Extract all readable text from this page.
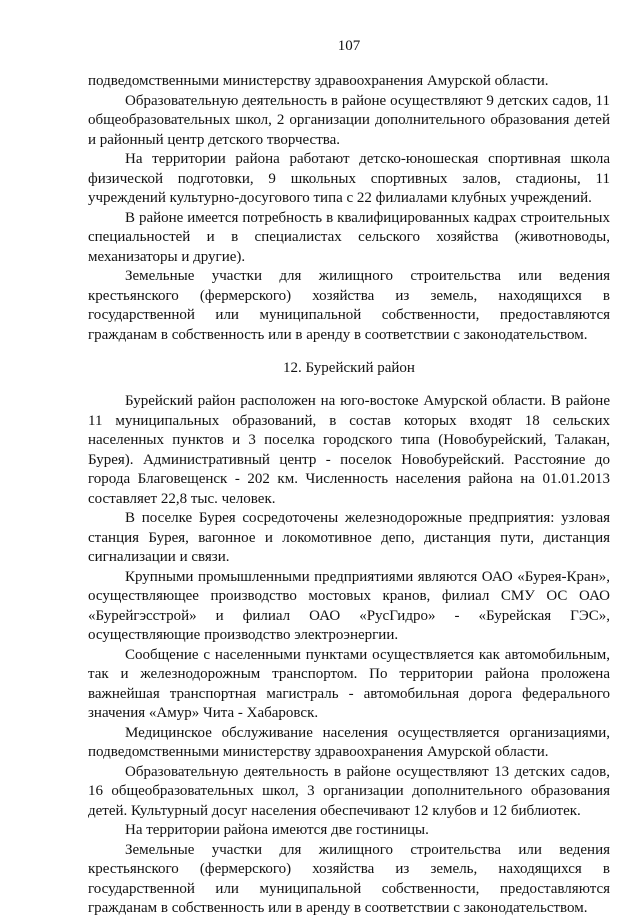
107

подведомственными министерству здравоохранения Амурской области.

Образовательную деятельность в районе осуществляют 9 детских садов, 11 общеобразовательных школ, 2 организации дополнительного образования детей и районный центр детского творчества.

На территории района работают детско-юношеская спортивная школа физической подготовки, 9 школьных спортивных залов, стадионы, 11 учреждений культурно-досугового типа с 22 филиалами клубных учреждений.

В районе имеется потребность в квалифицированных кадрах строительных специальностей и в специалистах сельского хозяйства (животноводы, механизаторы и другие).

Земельные участки для жилищного строительства или ведения крестьянского (фермерского) хозяйства из земель, находящихся в государственной или муниципальной собственности, предоставляются гражданам в собственность или в аренду в соответствии с законодательством.

12. Бурейский район

Бурейский район расположен на юго-востоке Амурской области. В районе 11 муниципальных образований, в состав которых входят 18 сельских населенных пунктов и 3 поселка городского типа (Новобурейский, Талакан, Бурея). Административный центр - поселок Новобурейский. Расстояние до города Благовещенск - 202 км. Численность населения района на 01.01.2013 составляет 22,8 тыс. человек.

В поселке Бурея сосредоточены железнодорожные предприятия: узловая станция Бурея, вагонное и локомотивное депо, дистанция пути, дистанция сигнализации и связи.

Крупными промышленными предприятиями являются ОАО «Бурея-Кран», осуществляющее производство мостовых кранов, филиал СМУ ОС ОАО «Бурейгэсстрой» и филиал ОАО «РусГидро» - «Бурейская ГЭС», осуществляющие производство электроэнергии.

Сообщение с населенными пунктами осуществляется как автомобильным, так и железнодорожным транспортом. По территории района проложена важнейшая транспортная магистраль - автомобильная дорога федерального значения «Амур» Чита - Хабаровск.

Медицинское обслуживание населения осуществляется организациями, подведомственными министерству здравоохранения Амурской области.

Образовательную деятельность в районе осуществляют 13 детских садов, 16 общеобразовательных школ, 3 организации дополнительного образования детей. Культурный досуг населения обеспечивают 12 клубов и 12 библиотек.

На территории района имеются две гостиницы.

Земельные участки для жилищного строительства или ведения крестьянского (фермерского) хозяйства из земель, находящихся в государственной или муниципальной собственности, предоставляются гражданам в собственность или в аренду в соответствии с законодательством.
